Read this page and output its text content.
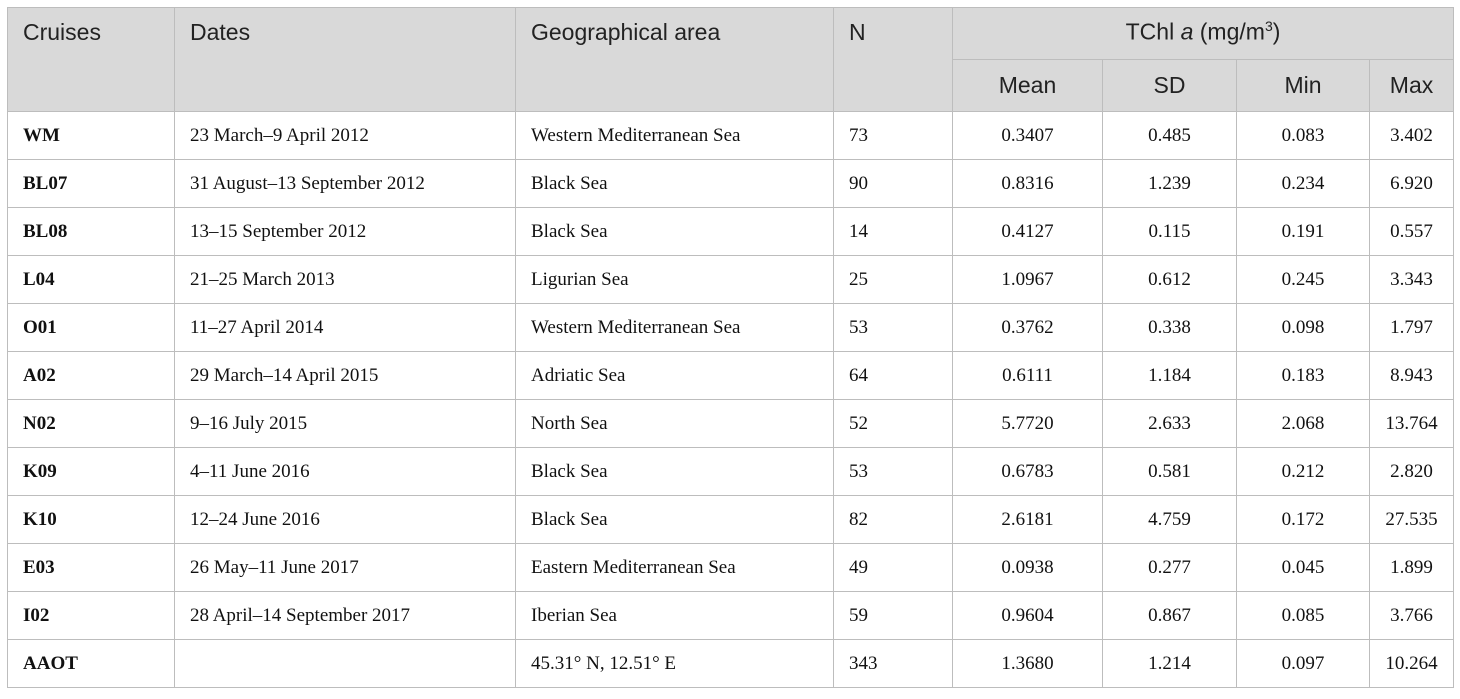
Cruises	Dates	Geographical area	N	TChl a $(mg/m^3)$			
				Mean	SD	Min	Max
WM	23 March–9 April 2012	Western Mediterranean Sea	73	0.3407	0.485	0.083	3.402
BL07	31 August–13 September 2012	Black Sea	90	0.8316	1.239	0.234	6.920
BL08	13–15 September 2012	Black Sea	14	0.4127	0.115	0.191	0.557
L04	21–25 March 2013	Ligurian Sea	25	1.0967	0.612	0.245	3.343
O01	11–27 April 2014	Western Mediterranean Sea	53	0.3762	0.338	0.098	1.797
A02	29 March–14 April 2015	Adriatic Sea	64	0.6111	1.184	0.183	8.943
N02	9–16 July 2015	North Sea	52	5.7720	2.633	2.068	13.764
K09	4–11 June 2016	Black Sea	53	0.6783	0.581	0.212	2.820
K10	12–24 June 2016	Black Sea	82	2.6181	4.759	0.172	27.535
E03	26 May–11 June 2017	Eastern Mediterranean Sea	49	0.0938	0.277	0.045	1.899
I02	28 April–14 September 2017	Iberian Sea	59	0.9604	0.867	0.085	3.766
AAOT		45.31° N, 12.51° E	343	1.3680	1.214	0.097	10.264
